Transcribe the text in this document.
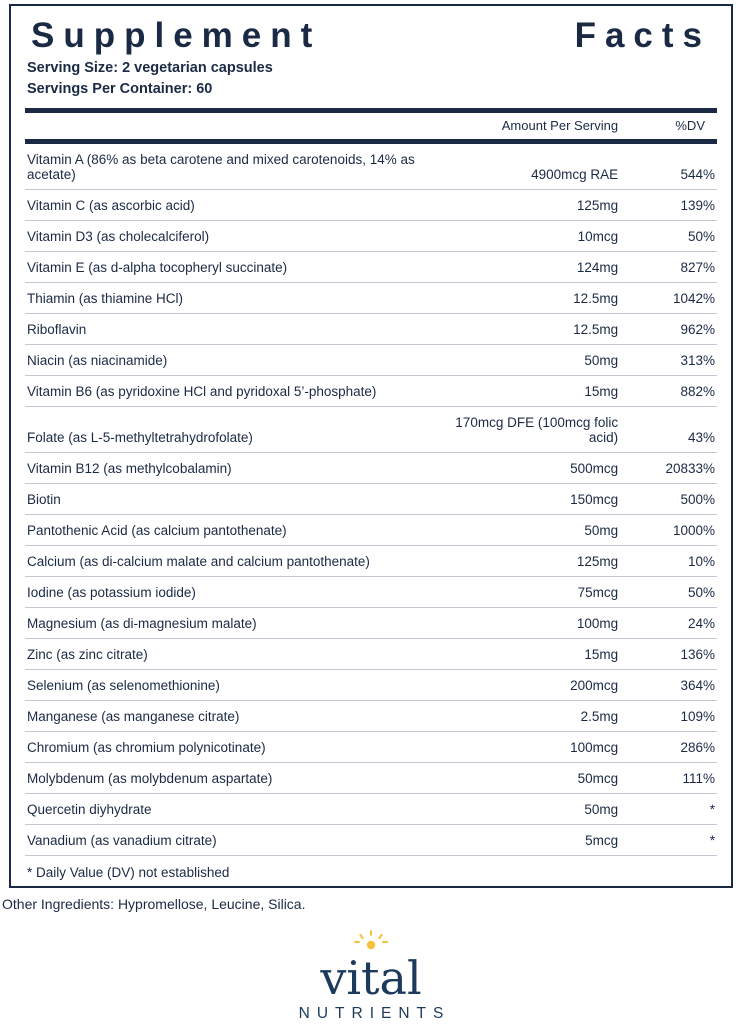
Supplement	Facts
Serving Size: 2 vegetarian capsules
Servings Per Container: 60
	Amount Per Serving	%DV

Vitamin A (86% as beta carotene and mixed carotenoids, 14% as acetate)	4900mcg RAE	544%
Vitamin C (as ascorbic acid)	125mg	139%
Vitamin D3 (as cholecalciferol)	10mcg	50%
Vitamin E (as d-alpha tocopheryl succinate)	124mg	827%
Thiamin (as thiamine HCl)	12.5mg	1042%
Riboflavin	12.5mg	962%
Niacin (as niacinamide)	50mg	313%
Vitamin B6 (as pyridoxine HCl and pyridoxal 5’-phosphate)	15mg	882%
Folate (as L-5-methyltetrahydrofolate)	170mcg DFE (100mcg folic acid)	43%
Vitamin B12 (as methylcobalamin)	500mcg	20833%
Biotin	150mcg	500%
Pantothenic Acid (as calcium pantothenate)	50mg	1000%
Calcium (as di-calcium malate and calcium pantothenate)	125mg	10%
Iodine (as potassium iodide)	75mcg	50%
Magnesium (as di-magnesium malate)	100mg	24%
Zinc (as zinc citrate)	15mg	136%
Selenium (as selenomethionine)	200mcg	364%
Manganese (as manganese citrate)	2.5mg	109%
Chromium (as chromium polynicotinate)	100mcg	286%
Molybdenum (as molybdenum aspartate)	50mcg	111%
Quercetin diyhydrate	50mg	*
Vanadium (as vanadium citrate)	5mcg	*
* Daily Value (DV) not established
Other Ingredients: Hypromellose, Leucine, Silica.
vital
NUTRIENTS
